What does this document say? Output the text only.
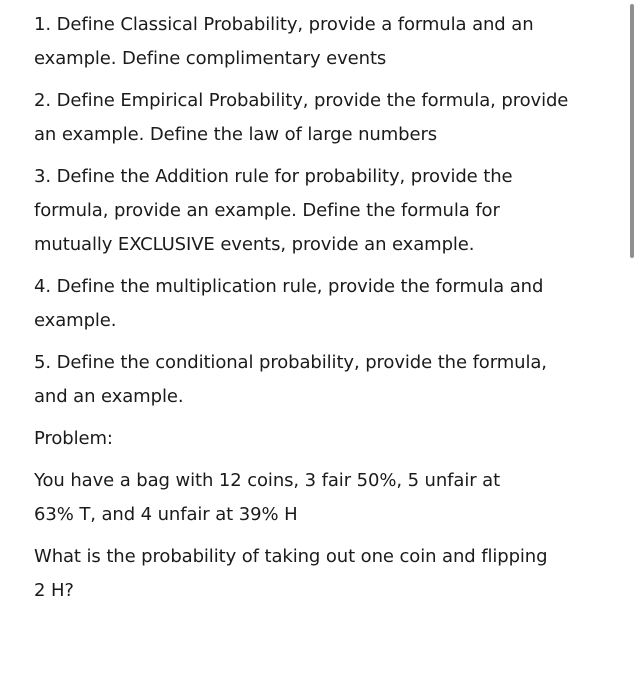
1. Define Classical Probability, provide a formula and an
example. Define complimentary events

2. Define Empirical Probability, provide the formula, provide
an example. Define the law of large numbers

3. Define the Addition rule for probability, provide the
formula, provide an example. Define the formula for
mutually EXCLUSIVE events, provide an example.

4. Define the multiplication rule, provide the formula and
example.

5. Define the conditional probability, provide the formula,
and an example.

Problem:

You have a bag with 12 coins, 3 fair 50%, 5 unfair at
63% T, and 4 unfair at 39% H

What is the probability of taking out one coin and flipping
2 H?
